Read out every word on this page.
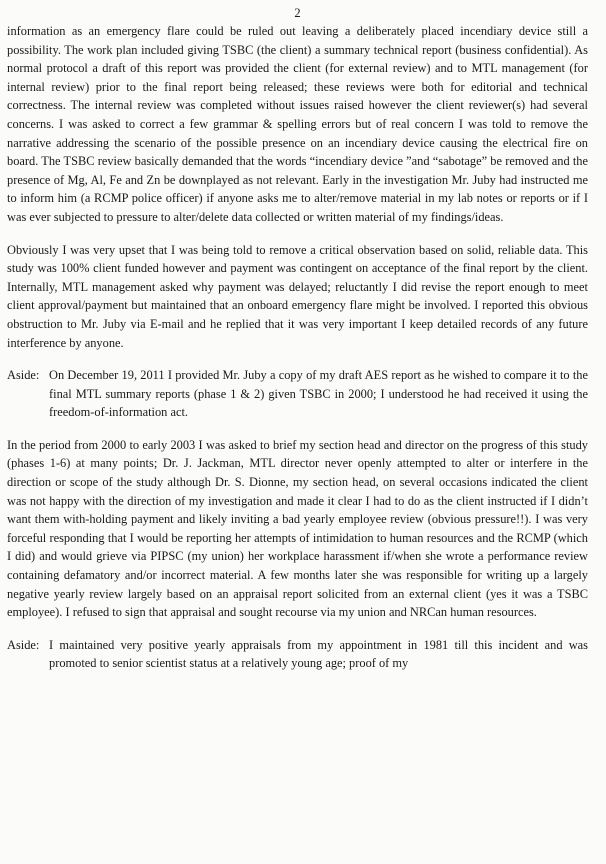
2

information as an emergency flare could be ruled out leaving a deliberately placed incendiary device still a possibility. The work plan included giving TSBC (the client) a summary technical report (business confidential). As normal protocol a draft of this report was provided the client (for external review) and to MTL management (for internal review) prior to the final report being released; these reviews were both for editorial and technical correctness. The internal review was completed without issues raised however the client reviewer(s) had several concerns. I was asked to correct a few grammar & spelling errors but of real concern I was told to remove the narrative addressing the scenario of the possible presence on an incendiary device causing the electrical fire on board. The TSBC review basically demanded that the words “incendiary device ”and “sabotage” be removed and the presence of Mg, Al, Fe and Zn be downplayed as not relevant. Early in the investigation Mr. Juby had instructed me to inform him (a RCMP police officer) if anyone asks me to alter/remove material in my lab notes or reports or if I was ever subjected to pressure to alter/delete data collected or written material of my findings/ideas.

Obviously I was very upset that I was being told to remove a critical observation based on solid, reliable data. This study was 100% client funded however and payment was contingent on acceptance of the final report by the client. Internally, MTL management asked why payment was delayed; reluctantly I did revise the report enough to meet client approval/payment but maintained that an onboard emergency flare might be involved. I reported this obvious obstruction to Mr. Juby via E-mail and he replied that it was very important I keep detailed records of any future interference by anyone.

Aside: On December 19, 2011 I provided Mr. Juby a copy of my draft AES report as he wished to compare it to the final MTL summary reports (phase 1 & 2) given TSBC in 2000; I understood he had received it using the freedom-of-information act.

In the period from 2000 to early 2003 I was asked to brief my section head and director on the progress of this study (phases 1-6) at many points; Dr. J. Jackman, MTL director never openly attempted to alter or interfere in the direction or scope of the study although Dr. S. Dionne, my section head, on several occasions indicated the client was not happy with the direction of my investigation and made it clear I had to do as the client instructed if I didn’t want them with-holding payment and likely inviting a bad yearly employee review (obvious pressure!!). I was very forceful responding that I would be reporting her attempts of intimidation to human resources and the RCMP (which I did) and would grieve via PIPSC (my union) her workplace harassment if/when she wrote a performance review containing defamatory and/or incorrect material. A few months later she was responsible for writing up a largely negative yearly review largely based on an appraisal report solicited from an external client (yes it was a TSBC employee). I refused to sign that appraisal and sought recourse via my union and NRCan human resources.

Aside: I maintained very positive yearly appraisals from my appointment in 1981 till this incident and was promoted to senior scientist status at a relatively young age; proof of my
